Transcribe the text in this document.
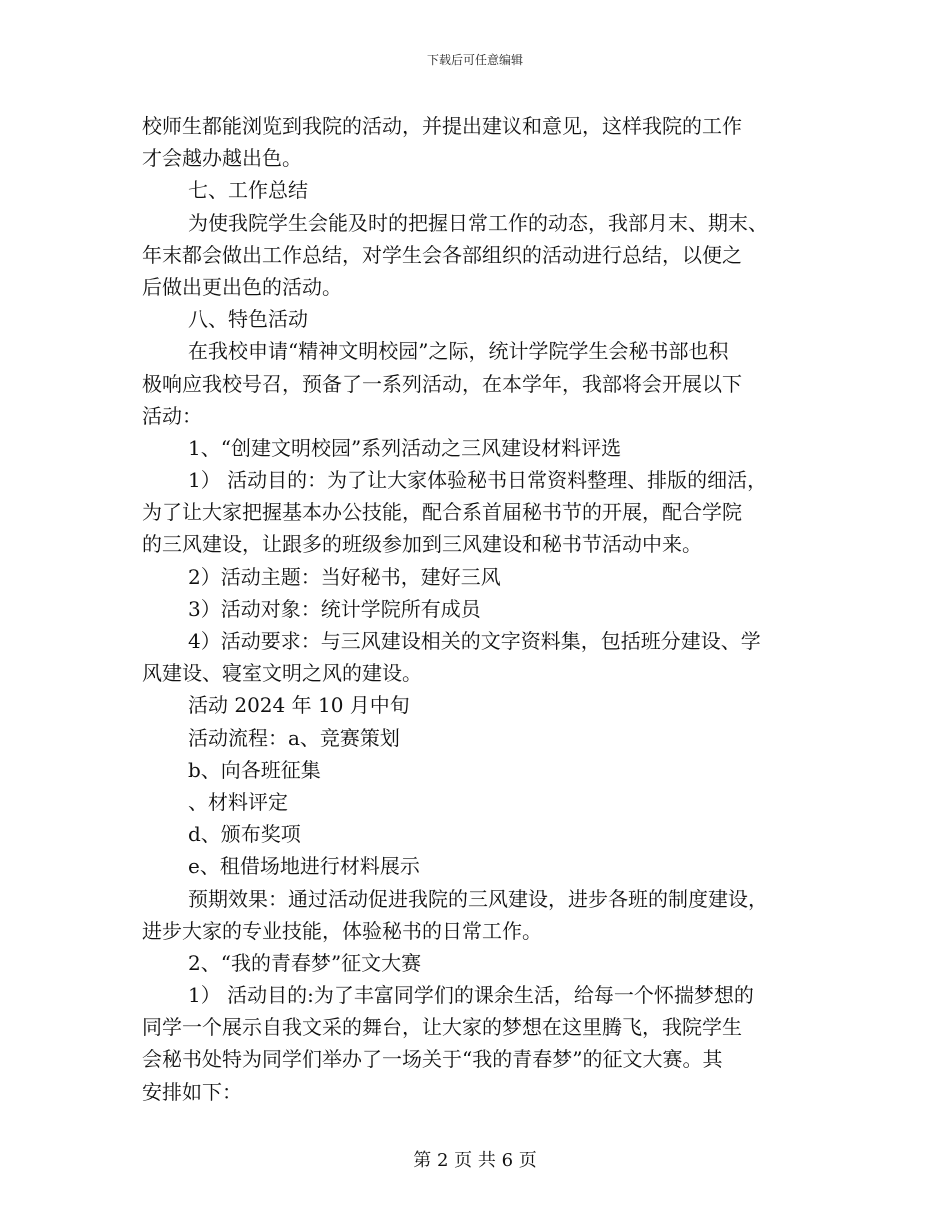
下载后可任意编辑
校师生都能浏览到我院的活动，并提出建议和意见，这样我院的工作
才会越办越出色。
七、工作总结
为使我院学生会能及时的把握日常工作的动态，我部月末、期末、
年末都会做出工作总结，对学生会各部组织的活动进行总结，以便之
后做出更出色的活动。
八、特色活动
在我校申请“精神文明校园”之际，统计学院学生会秘书部也积
极响应我校号召，预备了一系列活动，在本学年，我部将会开展以下
活动：
1、“创建文明校园”系列活动之三风建设材料评选
1） 活动目的：为了让大家体验秘书日常资料整理、排版的细活，
为了让大家把握基本办公技能，配合系首届秘书节的开展，配合学院
的三风建设，让跟多的班级参加到三风建设和秘书节活动中来。
2）活动主题：当好秘书，建好三风
3）活动对象：统计学院所有成员
4）活动要求：与三风建设相关的文字资料集，包括班分建设、学
风建设、寝室文明之风的建设。
活动 2024 年 10 月中旬
活动流程：a、竞赛策划
b、向各班征集
、材料评定
d、颁布奖项
e、租借场地进行材料展示
预期效果：通过活动促进我院的三风建设，进步各班的制度建设，
进步大家的专业技能，体验秘书的日常工作。
2、“我的青春梦”征文大赛
1） 活动目的:为了丰富同学们的课余生活，给每一个怀揣梦想的
同学一个展示自我文采的舞台，让大家的梦想在这里腾飞，我院学生
会秘书处特为同学们举办了一场关于“我的青春梦”的征文大赛。其
安排如下：
第 2 页 共 6 页
